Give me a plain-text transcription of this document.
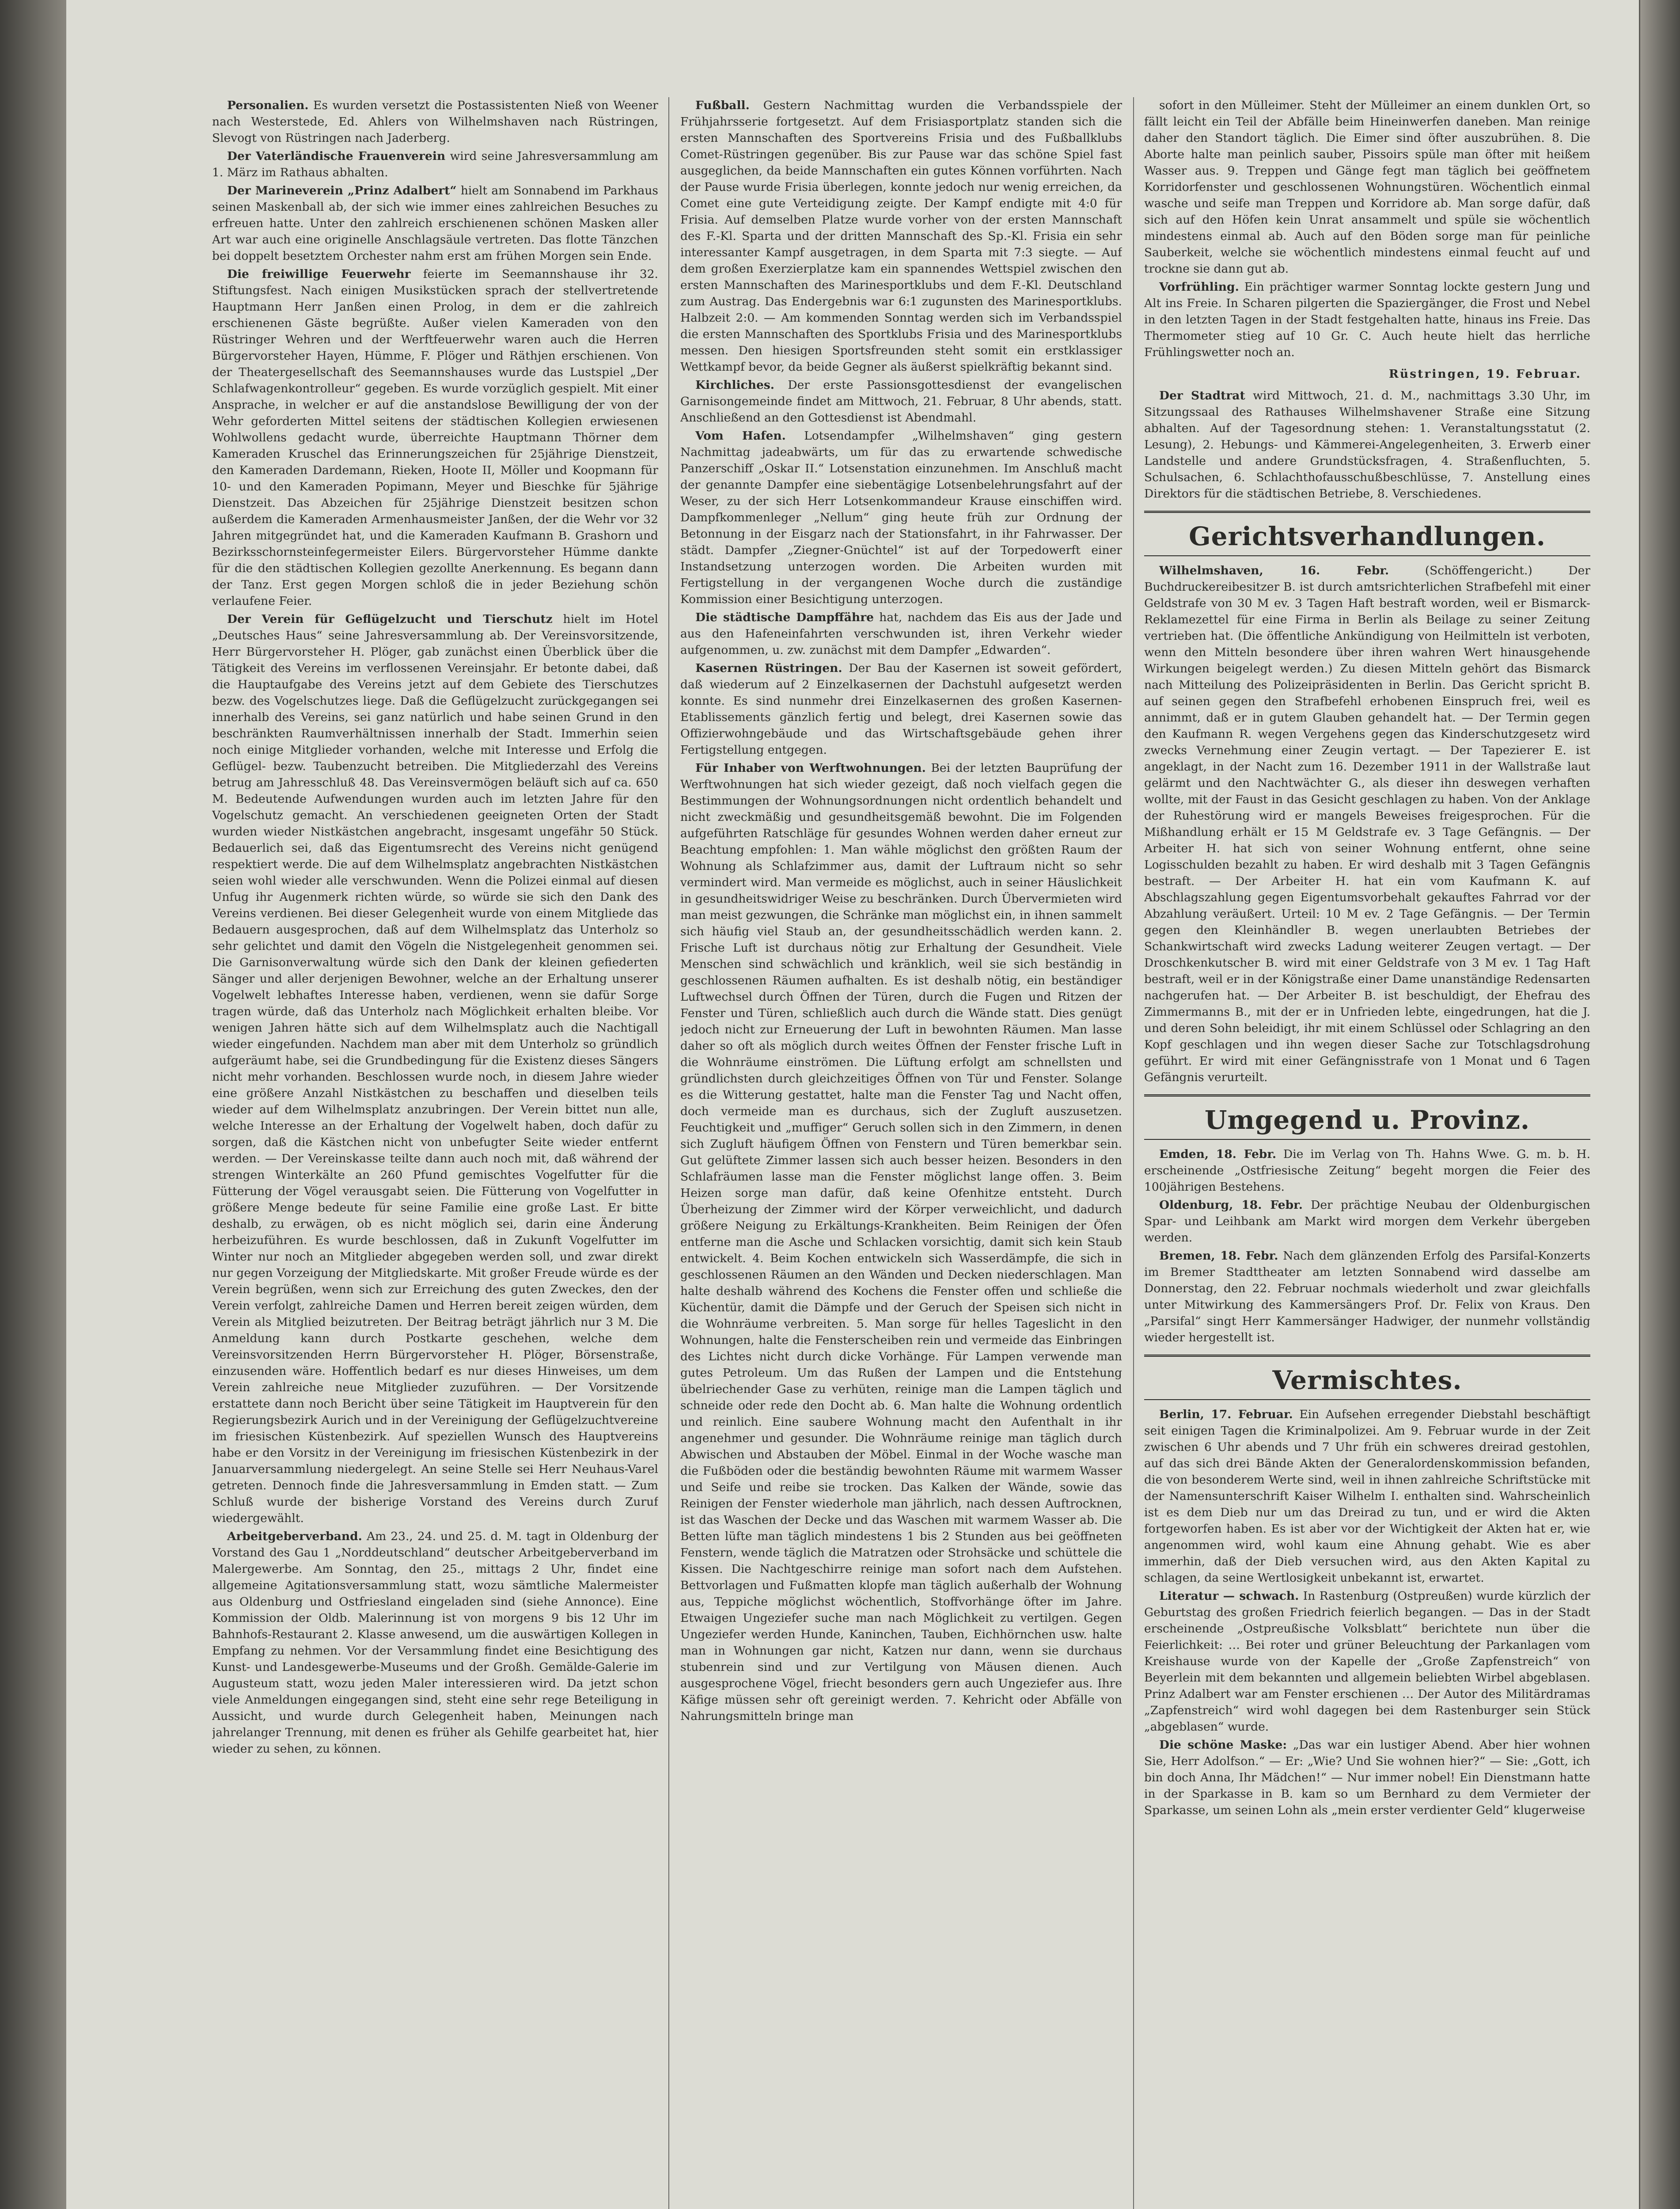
Personalien. Es wurden versetzt die Postassistenten Nieß von Weener nach Westerstede, Ed. Ahlers von Wilhelmshaven nach Rüstringen, Slevogt von Rüstringen nach Jaderberg.

Der Vaterländische Frauenverein wird seine Jahresversammlung am 1. März im Rathaus abhalten.

Der Marineverein „Prinz Adalbert“ hielt am Sonnabend im Parkhaus seinen Maskenball ab, der sich wie immer eines zahlreichen Besuches zu erfreuen hatte. Unter den zahlreich erschienenen schönen Masken aller Art war auch eine originelle Anschlagsäule vertreten. Das flotte Tänzchen bei doppelt besetztem Orchester nahm erst am frühen Morgen sein Ende.

Die freiwillige Feuerwehr feierte im Seemannshause ihr 32. Stiftungsfest. Nach einigen Musikstücken sprach der stellvertretende Hauptmann Herr Janßen einen Prolog, in dem er die zahlreich erschienenen Gäste begrüßte. Außer vielen Kameraden von den Rüstringer Wehren und der Werftfeuerwehr waren auch die Herren Bürgervorsteher Hayen, Hümme, F. Plöger und Räthjen erschienen. Von der Theatergesellschaft des Seemannshauses wurde das Lustspiel „Der Schlafwagenkontrolleur“ gegeben. Es wurde vorzüglich gespielt. Mit einer Ansprache, in welcher er auf die anstandslose Bewilligung der von der Wehr geforderten Mittel seitens der städtischen Kollegien erwiesenen Wohlwollens gedacht wurde, überreichte Hauptmann Thörner dem Kameraden Kruschel das Erinnerungszeichen für 25jährige Dienstzeit, den Kameraden Dardemann, Rieken, Hoote II, Möller und Koopmann für 10- und den Kameraden Popimann, Meyer und Bieschke für 5jährige Dienstzeit. Das Abzeichen für 25jährige Dienstzeit besitzen schon außerdem die Kameraden Armenhausmeister Janßen, der die Wehr vor 32 Jahren mitgegründet hat, und die Kameraden Kaufmann B. Grashorn und Bezirksschornsteinfegermeister Eilers. Bürgervorsteher Hümme dankte für die den städtischen Kollegien gezollte Anerkennung. Es begann dann der Tanz. Erst gegen Morgen schloß die in jeder Beziehung schön verlaufene Feier.

Der Verein für Geflügelzucht und Tierschutz hielt im Hotel „Deutsches Haus“ seine Jahresversammlung ab. Der Vereinsvorsitzende, Herr Bürgervorsteher H. Plöger, gab zunächst einen Überblick über die Tätigkeit des Vereins im verflossenen Vereinsjahr. Er betonte dabei, daß die Hauptaufgabe des Vereins jetzt auf dem Gebiete des Tierschutzes bezw. des Vogelschutzes liege. Daß die Geflügelzucht zurückgegangen sei innerhalb des Vereins, sei ganz natürlich und habe seinen Grund in den beschränkten Raumverhältnissen innerhalb der Stadt. Immerhin seien noch einige Mitglieder vorhanden, welche mit Interesse und Erfolg die Geflügel- bezw. Taubenzucht betreiben. Die Mitgliederzahl des Vereins betrug am Jahresschluß 48. Das Vereinsvermögen beläuft sich auf ca. 650 M. Bedeutende Aufwendungen wurden auch im letzten Jahre für den Vogelschutz gemacht. An verschiedenen geeigneten Orten der Stadt wurden wieder Nistkästchen angebracht, insgesamt ungefähr 50 Stück. Bedauerlich sei, daß das Eigentumsrecht des Vereins nicht genügend respektiert werde. Die auf dem Wilhelmsplatz angebrachten Nistkästchen seien wohl wieder alle verschwunden. Wenn die Polizei einmal auf diesen Unfug ihr Augenmerk richten würde, so würde sie sich den Dank des Vereins verdienen. Bei dieser Gelegenheit wurde von einem Mitgliede das Bedauern ausgesprochen, daß auf dem Wilhelmsplatz das Unterholz so sehr gelichtet und damit den Vögeln die Nistgelegenheit genommen sei. Die Garnisonverwaltung würde sich den Dank der kleinen gefiederten Sänger und aller derjenigen Bewohner, welche an der Erhaltung unserer Vogelwelt lebhaftes Interesse haben, verdienen, wenn sie dafür Sorge tragen würde, daß das Unterholz nach Möglichkeit erhalten bleibe. Vor wenigen Jahren hätte sich auf dem Wilhelmsplatz auch die Nachtigall wieder eingefunden. Nachdem man aber mit dem Unterholz so gründlich aufgeräumt habe, sei die Grundbedingung für die Existenz dieses Sängers nicht mehr vorhanden. Beschlossen wurde noch, in diesem Jahre wieder eine größere Anzahl Nistkästchen zu beschaffen und dieselben teils wieder auf dem Wilhelmsplatz anzubringen. Der Verein bittet nun alle, welche Interesse an der Erhaltung der Vogelwelt haben, doch dafür zu sorgen, daß die Kästchen nicht von unbefugter Seite wieder entfernt werden. — Der Vereinskasse teilte dann auch noch mit, daß während der strengen Winterkälte an 260 Pfund gemischtes Vogelfutter für die Fütterung der Vögel verausgabt seien. Die Fütterung von Vogelfutter in größere Menge bedeute für seine Familie eine große Last. Er bitte deshalb, zu erwägen, ob es nicht möglich sei, darin eine Änderung herbeizuführen. Es wurde beschlossen, daß in Zukunft Vogelfutter im Winter nur noch an Mitglieder abgegeben werden soll, und zwar direkt nur gegen Vorzeigung der Mitgliedskarte. Mit großer Freude würde es der Verein begrüßen, wenn sich zur Erreichung des guten Zweckes, den der Verein verfolgt, zahlreiche Damen und Herren bereit zeigen würden, dem Verein als Mitglied beizutreten. Der Beitrag beträgt jährlich nur 3 M. Die Anmeldung kann durch Postkarte geschehen, welche dem Vereinsvorsitzenden Herrn Bürgervorsteher H. Plöger, Börsenstraße, einzusenden wäre. Hoffentlich bedarf es nur dieses Hinweises, um dem Verein zahlreiche neue Mitglieder zuzuführen. — Der Vorsitzende erstattete dann noch Bericht über seine Tätigkeit im Hauptverein für den Regierungsbezirk Aurich und in der Vereinigung der Geflügelzuchtvereine im friesischen Küstenbezirk. Auf speziellen Wunsch des Hauptvereins habe er den Vorsitz in der Vereinigung im friesischen Küstenbezirk in der Januarversammlung niedergelegt. An seine Stelle sei Herr Neuhaus-Varel getreten. Dennoch finde die Jahresversammlung in Emden statt. — Zum Schluß wurde der bisherige Vorstand des Vereins durch Zuruf wiedergewählt.

Arbeitgeberverband. Am 23., 24. und 25. d. M. tagt in Oldenburg der Vorstand des Gau 1 „Norddeutschland“ deutscher Arbeitgeberverband im Malergewerbe. Am Sonntag, den 25., mittags 2 Uhr, findet eine allgemeine Agitationsversammlung statt, wozu sämtliche Malermeister aus Oldenburg und Ostfriesland eingeladen sind (siehe Annonce). Eine Kommission der Oldb. Malerinnung ist von morgens 9 bis 12 Uhr im Bahnhofs-Restaurant 2. Klasse anwesend, um die auswärtigen Kollegen in Empfang zu nehmen. Vor der Versammlung findet eine Besichtigung des Kunst- und Landesgewerbe-Museums und der Großh. Gemälde-Galerie im Augusteum statt, wozu jeden Maler interessieren wird. Da jetzt schon viele Anmeldungen eingegangen sind, steht eine sehr rege Beteiligung in Aussicht, und wurde durch Gelegenheit haben, Meinungen nach jahrelanger Trennung, mit denen es früher als Gehilfe gearbeitet hat, hier wieder zu sehen, zu können.

Fußball. Gestern Nachmittag wurden die Verbandsspiele der Frühjahrsserie fortgesetzt. Auf dem Frisiasportplatz standen sich die ersten Mannschaften des Sportvereins Frisia und des Fußballklubs Comet-Rüstringen gegenüber. Bis zur Pause war das schöne Spiel fast ausgeglichen, da beide Mannschaften ein gutes Können vorführten. Nach der Pause wurde Frisia überlegen, konnte jedoch nur wenig erreichen, da Comet eine gute Verteidigung zeigte. Der Kampf endigte mit 4:0 für Frisia. Auf demselben Platze wurde vorher von der ersten Mannschaft des F.-Kl. Sparta und der dritten Mannschaft des Sp.-Kl. Frisia ein sehr interessanter Kampf ausgetragen, in dem Sparta mit 7:3 siegte. — Auf dem großen Exerzierplatze kam ein spannendes Wettspiel zwischen den ersten Mannschaften des Marinesportklubs und dem F.-Kl. Deutschland zum Austrag. Das Endergebnis war 6:1 zugunsten des Marinesportklubs. Halbzeit 2:0. — Am kommenden Sonntag werden sich im Verbandsspiel die ersten Mannschaften des Sportklubs Frisia und des Marinesportklubs messen. Den hiesigen Sportsfreunden steht somit ein erstklassiger Wettkampf bevor, da beide Gegner als äußerst spielkräftig bekannt sind.

Kirchliches. Der erste Passionsgottesdienst der evangelischen Garnisongemeinde findet am Mittwoch, 21. Februar, 8 Uhr abends, statt. Anschließend an den Gottesdienst ist Abendmahl.

Vom Hafen. Lotsendampfer „Wilhelmshaven“ ging gestern Nachmittag jadeabwärts, um für das zu erwartende schwedische Panzerschiff „Oskar II.“ Lotsenstation einzunehmen. Im Anschluß macht der genannte Dampfer eine siebentägige Lotsenbelehrungsfahrt auf der Weser, zu der sich Herr Lotsenkommandeur Krause einschiffen wird. Dampfkommenleger „Nellum“ ging heute früh zur Ordnung der Betonnung in der Eisgarz nach der Stationsfahrt, in ihr Fahrwasser. Der städt. Dampfer „Ziegner-Gnüchtel“ ist auf der Torpedowerft einer Instandsetzung unterzogen worden. Die Arbeiten wurden mit Fertigstellung in der vergangenen Woche durch die zuständige Kommission einer Besichtigung unterzogen.

Die städtische Dampffähre hat, nachdem das Eis aus der Jade und aus den Hafeneinfahrten verschwunden ist, ihren Verkehr wieder aufgenommen, u. zw. zunächst mit dem Dampfer „Edwarden“.

Kasernen Rüstringen. Der Bau der Kasernen ist soweit gefördert, daß wiederum auf 2 Einzelkasernen der Dachstuhl aufgesetzt werden konnte. Es sind nunmehr drei Einzelkasernen des großen Kasernen-Etablissements gänzlich fertig und belegt, drei Kasernen sowie das Offizierwohngebäude und das Wirtschaftsgebäude gehen ihrer Fertigstellung entgegen.

Für Inhaber von Werftwohnungen. Bei der letzten Bauprüfung der Werftwohnungen hat sich wieder gezeigt, daß noch vielfach gegen die Bestimmungen der Wohnungsordnungen nicht ordentlich behandelt und nicht zweckmäßig und gesundheitsgemäß bewohnt. Die im Folgenden aufgeführten Ratschläge für gesundes Wohnen werden daher erneut zur Beachtung empfohlen: 1. Man wähle möglichst den größten Raum der Wohnung als Schlafzimmer aus, damit der Luftraum nicht so sehr vermindert wird. Man vermeide es möglichst, auch in seiner Häuslichkeit in gesundheitswidriger Weise zu beschränken. Durch Übervermieten wird man meist gezwungen, die Schränke man möglichst ein, in ihnen sammelt sich häufig viel Staub an, der gesundheitsschädlich werden kann. 2. Frische Luft ist durchaus nötig zur Erhaltung der Gesundheit. Viele Menschen sind schwächlich und kränklich, weil sie sich beständig in geschlossenen Räumen aufhalten. Es ist deshalb nötig, ein beständiger Luftwechsel durch Öffnen der Türen, durch die Fugen und Ritzen der Fenster und Türen, schließlich auch durch die Wände statt. Dies genügt jedoch nicht zur Erneuerung der Luft in bewohnten Räumen. Man lasse daher so oft als möglich durch weites Öffnen der Fenster frische Luft in die Wohnräume einströmen. Die Lüftung erfolgt am schnellsten und gründlichsten durch gleichzeitiges Öffnen von Tür und Fenster. Solange es die Witterung gestattet, halte man die Fenster Tag und Nacht offen, doch vermeide man es durchaus, sich der Zugluft auszusetzen. Feuchtigkeit und „muffiger“ Geruch sollen sich in den Zimmern, in denen sich Zugluft häufigem Öffnen von Fenstern und Türen bemerkbar sein. Gut gelüftete Zimmer lassen sich auch besser heizen. Besonders in den Schlafräumen lasse man die Fenster möglichst lange offen. 3. Beim Heizen sorge man dafür, daß keine Ofenhitze entsteht. Durch Überheizung der Zimmer wird der Körper verweichlicht, und dadurch größere Neigung zu Erkältungs-Krankheiten. Beim Reinigen der Öfen entferne man die Asche und Schlacken vorsichtig, damit sich kein Staub entwickelt. 4. Beim Kochen entwickeln sich Wasserdämpfe, die sich in geschlossenen Räumen an den Wänden und Decken niederschlagen. Man halte deshalb während des Kochens die Fenster offen und schließe die Küchentür, damit die Dämpfe und der Geruch der Speisen sich nicht in die Wohnräume verbreiten. 5. Man sorge für helles Tageslicht in den Wohnungen, halte die Fensterscheiben rein und vermeide das Einbringen des Lichtes nicht durch dicke Vorhänge. Für Lampen verwende man gutes Petroleum. Um das Rußen der Lampen und die Entstehung übelriechender Gase zu verhüten, reinige man die Lampen täglich und schneide oder rede den Docht ab. 6. Man halte die Wohnung ordentlich und reinlich. Eine saubere Wohnung macht den Aufenthalt in ihr angenehmer und gesunder. Die Wohnräume reinige man täglich durch Abwischen und Abstauben der Möbel. Einmal in der Woche wasche man die Fußböden oder die beständig bewohnten Räume mit warmem Wasser und Seife und reibe sie trocken. Das Kalken der Wände, sowie das Reinigen der Fenster wiederhole man jährlich, nach dessen Auftrocknen, ist das Waschen der Decke und das Waschen mit warmem Wasser ab. Die Betten lüfte man täglich mindestens 1 bis 2 Stunden aus bei geöffneten Fenstern, wende täglich die Matratzen oder Strohsäcke und schüttele die Kissen. Die Nachtgeschirre reinige man sofort nach dem Aufstehen. Bettvorlagen und Fußmatten klopfe man täglich außerhalb der Wohnung aus, Teppiche möglichst wöchentlich, Stoffvorhänge öfter im Jahre. Etwaigen Ungeziefer suche man nach Möglichkeit zu vertilgen. Gegen Ungeziefer werden Hunde, Kaninchen, Tauben, Eichhörnchen usw. halte man in Wohnungen gar nicht, Katzen nur dann, wenn sie durchaus stubenrein sind und zur Vertilgung von Mäusen dienen. Auch ausgesprochene Vögel, friecht besonders gern auch Ungeziefer aus. Ihre Käfige müssen sehr oft gereinigt werden. 7. Kehricht oder Abfälle von Nahrungsmitteln bringe man

sofort in den Mülleimer. Steht der Mülleimer an einem dunklen Ort, so fällt leicht ein Teil der Abfälle beim Hineinwerfen daneben. Man reinige daher den Standort täglich. Die Eimer sind öfter auszubrühen. 8. Die Aborte halte man peinlich sauber, Pissoirs spüle man öfter mit heißem Wasser aus. 9. Treppen und Gänge fegt man täglich bei geöffnetem Korridorfenster und geschlossenen Wohnungstüren. Wöchentlich einmal wasche und seife man Treppen und Korridore ab. Man sorge dafür, daß sich auf den Höfen kein Unrat ansammelt und spüle sie wöchentlich mindestens einmal ab. Auch auf den Böden sorge man für peinliche Sauberkeit, welche sie wöchentlich mindestens einmal feucht auf und trockne sie dann gut ab.

Vorfrühling. Ein prächtiger warmer Sonntag lockte gestern Jung und Alt ins Freie. In Scharen pilgerten die Spaziergänger, die Frost und Nebel in den letzten Tagen in der Stadt festgehalten hatte, hinaus ins Freie. Das Thermometer stieg auf 10 Gr. C. Auch heute hielt das herrliche Frühlingswetter noch an.

Rüstringen, 19. Februar.

Der Stadtrat wird Mittwoch, 21. d. M., nachmittags 3.30 Uhr, im Sitzungssaal des Rathauses Wilhelmshavener Straße eine Sitzung abhalten. Auf der Tagesordnung stehen: 1. Veranstaltungsstatut (2. Lesung), 2. Hebungs- und Kämmerei-Angelegenheiten, 3. Erwerb einer Landstelle und andere Grundstücksfragen, 4. Straßenfluchten, 5. Schulsachen, 6. Schlachthofausschußbeschlüsse, 7. Anstellung eines Direktors für die städtischen Betriebe, 8. Verschiedenes.

Gerichtsverhandlungen.

Wilhelmshaven, 16. Febr.	(Schöffengericht.) Der Buchdruckereibesitzer B. ist durch amtsrichterlichen Strafbefehl mit einer Geldstrafe von 30 M ev. 3 Tagen Haft bestraft worden, weil er Bismarck-Reklamezettel für eine Firma in Berlin als Beilage zu seiner Zeitung vertrieben hat. (Die öffentliche Ankündigung von Heilmitteln ist verboten, wenn den Mitteln besondere über ihren wahren Wert hinausgehende Wirkungen beigelegt werden.) Zu diesen Mitteln gehört das Bismarck nach Mitteilung des Polizeipräsidenten in Berlin. Das Gericht spricht B. auf seinen gegen den Strafbefehl erhobenen Einspruch frei, weil es annimmt, daß er in gutem Glauben gehandelt hat. — Der Termin gegen den Kaufmann R. wegen Vergehens gegen das Kinderschutzgesetz wird zwecks Vernehmung einer Zeugin vertagt. — Der Tapezierer E. ist angeklagt, in der Nacht zum 16. Dezember 1911 in der Wallstraße laut gelärmt und den Nachtwächter G., als dieser ihn deswegen verhaften wollte, mit der Faust in das Gesicht geschlagen zu haben. Von der Anklage der Ruhestörung wird er mangels Beweises freigesprochen. Für die Mißhandlung erhält er 15 M Geldstrafe ev. 3 Tage Gefängnis. — Der Arbeiter H. hat sich von seiner Wohnung entfernt, ohne seine Logisschulden bezahlt zu haben. Er wird deshalb mit 3 Tagen Gefängnis bestraft. — Der Arbeiter H. hat ein vom Kaufmann K. auf Abschlagszahlung gegen Eigentumsvorbehalt gekauftes Fahrrad vor der Abzahlung veräußert. Urteil: 10 M ev. 2 Tage Gefängnis. — Der Termin gegen den Kleinhändler B. wegen unerlaubten Betriebes der Schankwirtschaft wird zwecks Ladung weiterer Zeugen vertagt. — Der Droschkenkutscher B. wird mit einer Geldstrafe von 3 M ev. 1 Tag Haft bestraft, weil er in der Königstraße einer Dame unanständige Redensarten nachgerufen hat. — Der Arbeiter B. ist beschuldigt, der Ehefrau des Zimmermanns B., mit der er in Unfrieden lebte, eingedrungen, hat die J. und deren Sohn beleidigt, ihr mit einem Schlüssel oder Schlagring an den Kopf geschlagen und ihn wegen dieser Sache zur Totschlagsdrohung geführt. Er wird mit einer Gefängnisstrafe von 1 Monat und 6 Tagen Gefängnis verurteilt.

Umgegend u. Provinz.

Emden, 18. Febr. Die im Verlag von Th. Hahns Wwe. G. m. b. H. erscheinende „Ostfriesische Zeitung“ begeht morgen die Feier des 100jährigen Bestehens.

Oldenburg, 18. Febr. Der prächtige Neubau der Oldenburgischen Spar- und Leihbank am Markt wird morgen dem Verkehr übergeben werden.

Bremen, 18. Febr. Nach dem glänzenden Erfolg des Parsifal-Konzerts im Bremer Stadttheater am letzten Sonnabend wird dasselbe am Donnerstag, den 22. Februar nochmals wiederholt und zwar gleichfalls unter Mitwirkung des Kammersängers Prof. Dr. Felix von Kraus. Den „Parsifal“ singt Herr Kammersänger Hadwiger, der nunmehr vollständig wieder hergestellt ist.

Vermischtes.

Berlin, 17. Februar. Ein Aufsehen erregender Diebstahl beschäftigt seit einigen Tagen die Kriminalpolizei. Am 9. Februar wurde in der Zeit zwischen 6 Uhr abends und 7 Uhr früh ein schweres dreirad gestohlen, auf das sich drei Bände Akten der Generalordenskommission befanden, die von besonderem Werte sind, weil in ihnen zahlreiche Schriftstücke mit der Namensunterschrift Kaiser Wilhelm I. enthalten sind. Wahrscheinlich ist es dem Dieb nur um das Dreirad zu tun, und er wird die Akten fortgeworfen haben. Es ist aber vor der Wichtigkeit der Akten hat er, wie angenommen wird, wohl kaum eine Ahnung gehabt. Wie es aber immerhin, daß der Dieb versuchen wird, aus den Akten Kapital zu schlagen, da seine Wertlosigkeit unbekannt ist, erwartet.

Literatur — schwach. In Rastenburg (Ostpreußen) wurde kürzlich der Geburtstag des großen Friedrich feierlich begangen. — Das in der Stadt erscheinende „Ostpreußische Volksblatt“ berichtete nun über die Feierlichkeit: … Bei roter und grüner Beleuchtung der Parkanlagen vom Kreishause wurde von der Kapelle der „Große Zapfenstreich“ von Beyerlein mit dem bekannten und allgemein beliebten Wirbel abgeblasen. Prinz Adalbert war am Fenster erschienen … Der Autor des Militärdramas „Zapfenstreich“ wird wohl dagegen bei dem Rastenburger sein Stück „abgeblasen“ wurde.

Die schöne Maske: „Das war ein lustiger Abend. Aber hier wohnen Sie, Herr Adolfson.“ — Er: „Wie? Und Sie wohnen hier?“ — Sie: „Gott, ich bin doch Anna, Ihr Mädchen!“ — Nur immer nobel! Ein Dienstmann hatte in der Sparkasse in B. kam so um Bernhard zu dem Vermieter der Sparkasse, um seinen Lohn als „mein erster verdienter Geld“ klugerweise
